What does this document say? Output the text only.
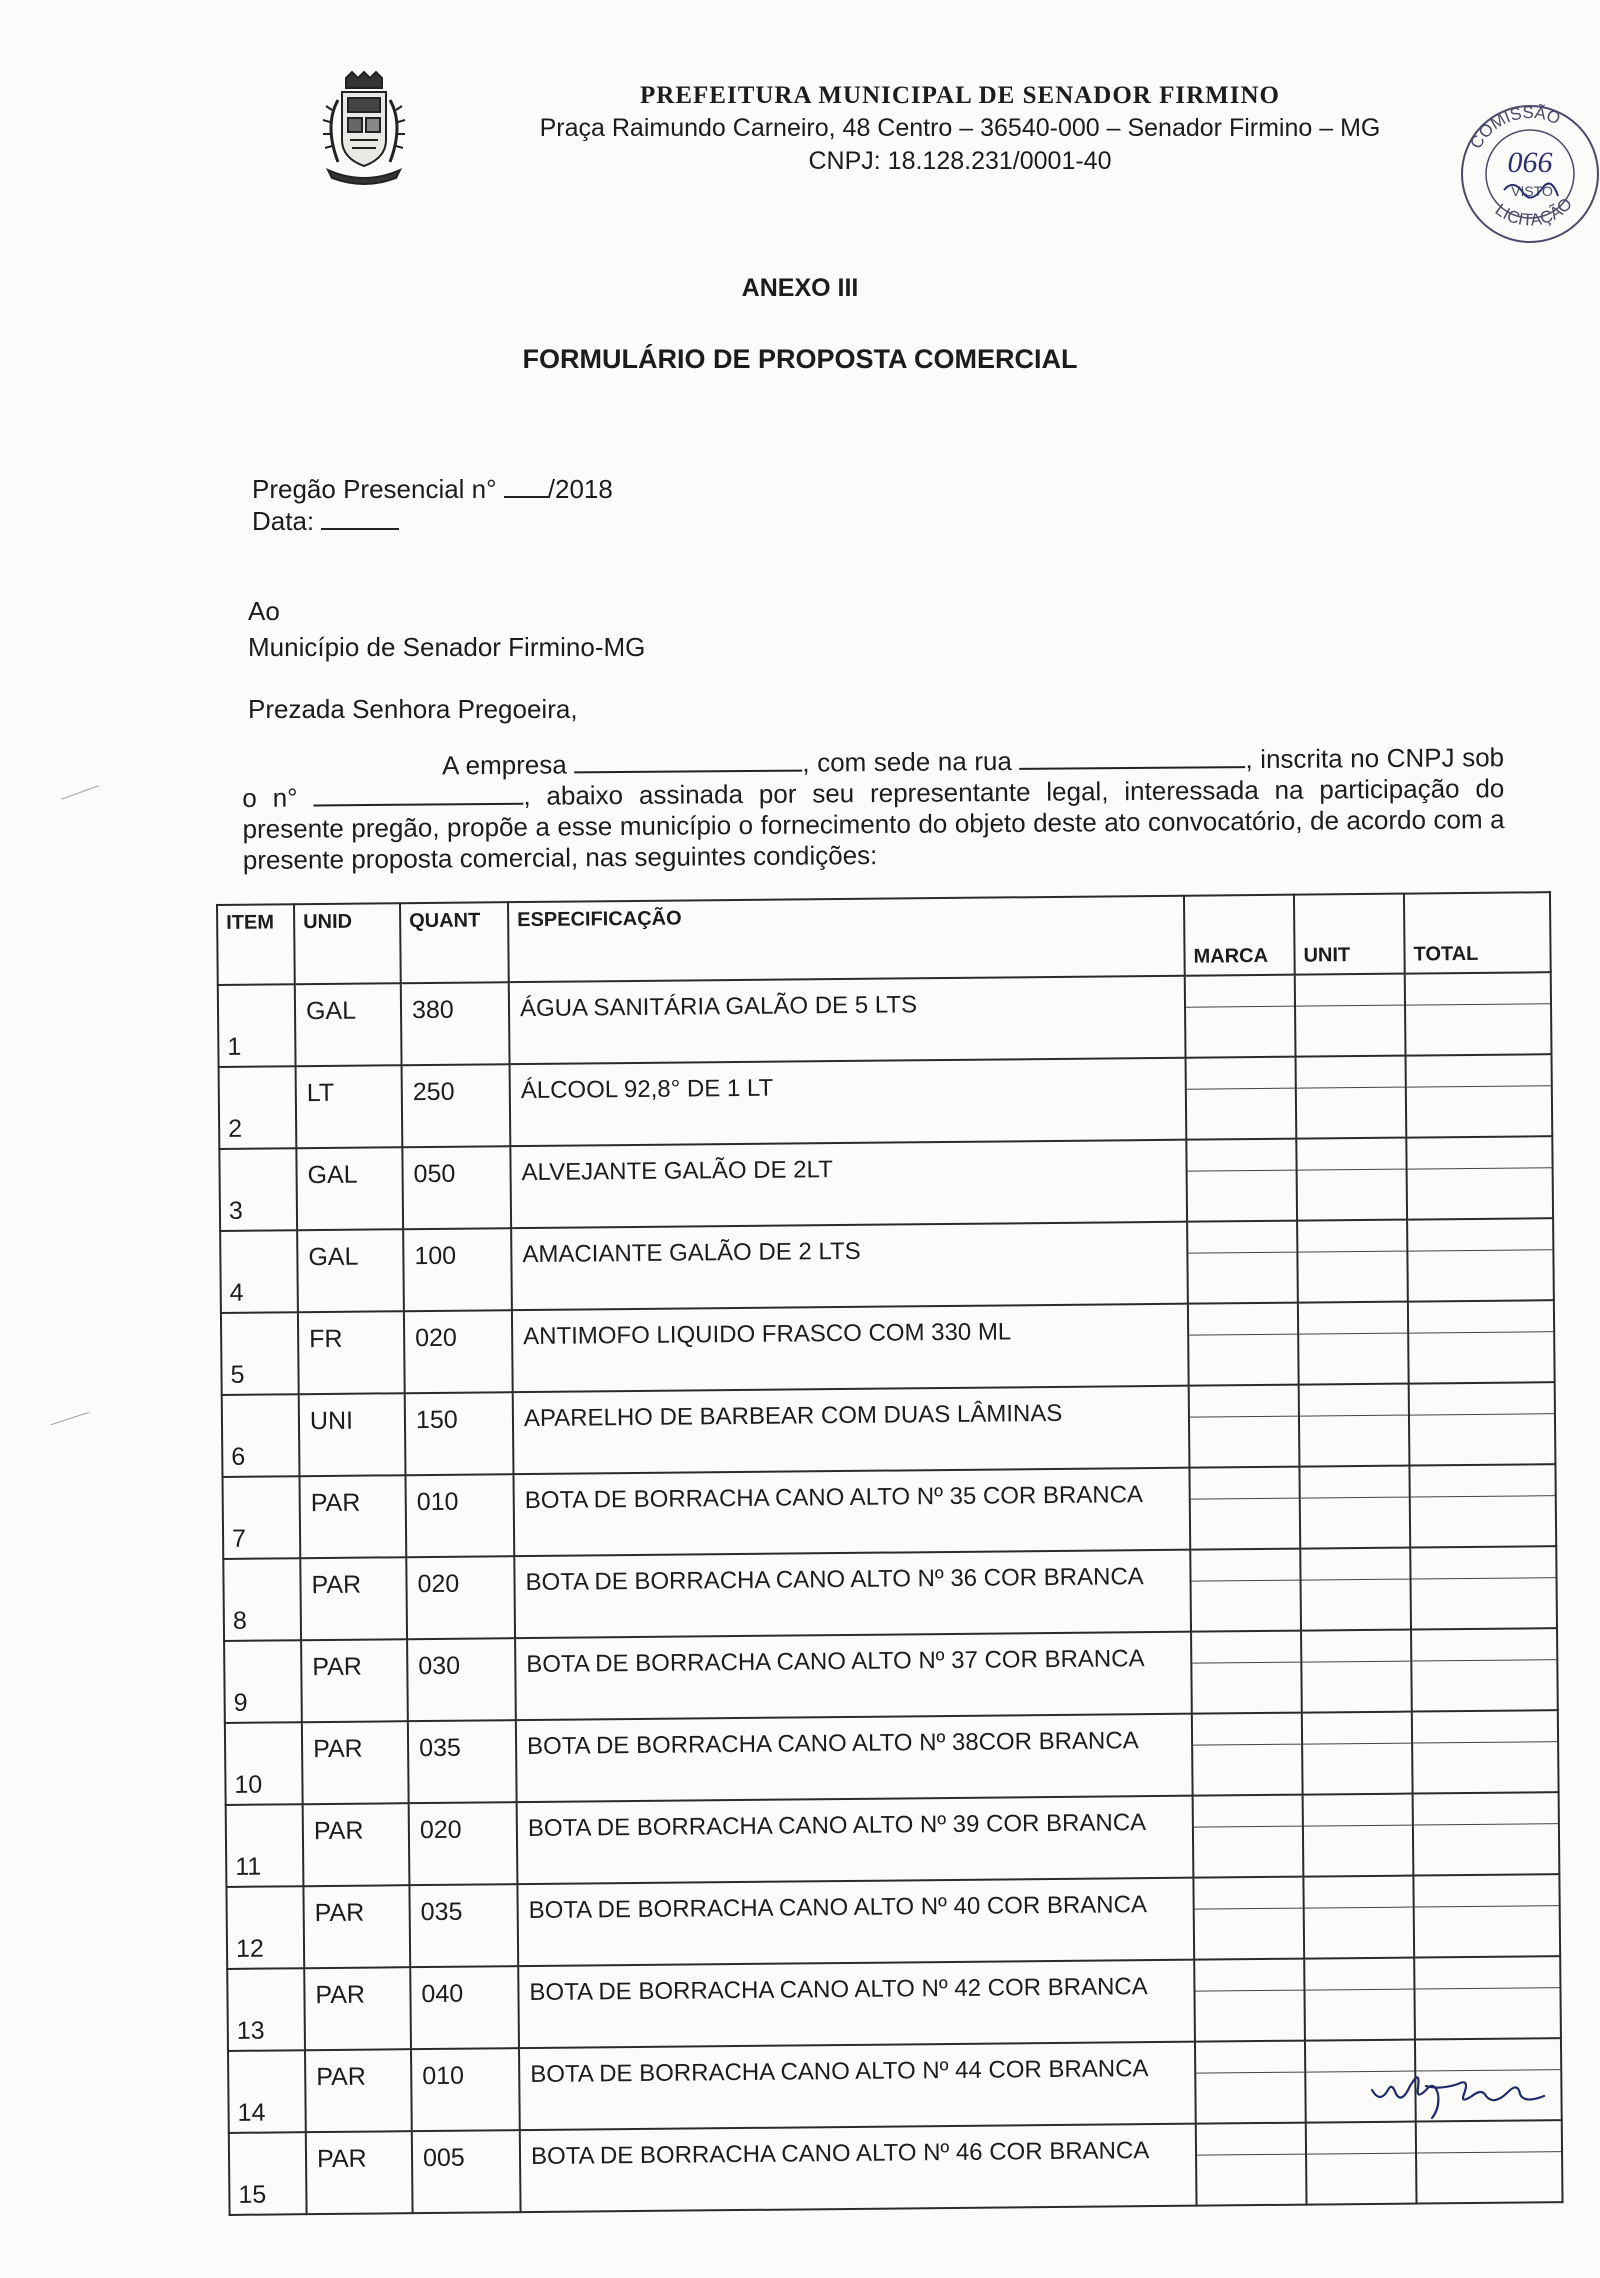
PREFEITURA MUNICIPAL DE SENADOR FIRMINO
Praça Raimundo Carneiro, 48 Centro – 36540-000 – Senador Firmino – MG
CNPJ: 18.128.231/0001-40
COMISSÃO
LICITAÇÃO
066
VISTO
ANEXO III
FORMULÁRIO DE PROPOSTA COMERCIAL
Pregão Presencial n° /2018
Data:
Ao
Município de Senador Firmino-MG
Prezada Senhora Pregoeira,
A empresa	, com sede na rua	, inscrita no CNPJ sob o n°	, abaixo assinada por seu representante legal, interessada na participação do presente pregão, propõe a esse município o fornecimento do objeto deste ato convocatório, de acordo com a presente proposta comercial, nas seguintes condições:
ITEM	UNID	QUANT	ESPECIFICAÇÃO	MARCA	UNIT	TOTAL
1	GAL	380	ÁGUA SANITÁRIA GALÃO DE 5 LTS			
2	LT	250	ÁLCOOL 92,8° DE 1 LT			
3	GAL	050	ALVEJANTE GALÃO DE 2LT			
4	GAL	100	AMACIANTE GALÃO DE 2 LTS			
5	FR	020	ANTIMOFO LIQUIDO FRASCO COM 330 ML			
6	UNI	150	APARELHO DE BARBEAR COM DUAS LÂMINAS			
7	PAR	010	BOTA DE BORRACHA CANO ALTO Nº 35 COR BRANCA			
8	PAR	020	BOTA DE BORRACHA CANO ALTO Nº 36 COR BRANCA			
9	PAR	030	BOTA DE BORRACHA CANO ALTO Nº 37 COR BRANCA			
10	PAR	035	BOTA DE BORRACHA CANO ALTO Nº 38COR BRANCA			
11	PAR	020	BOTA DE BORRACHA CANO ALTO Nº 39 COR BRANCA			
12	PAR	035	BOTA DE BORRACHA CANO ALTO Nº 40 COR BRANCA			
13	PAR	040	BOTA DE BORRACHA CANO ALTO Nº 42 COR BRANCA			
14	PAR	010	BOTA DE BORRACHA CANO ALTO Nº 44 COR BRANCA			
15	PAR	005	BOTA DE BORRACHA CANO ALTO Nº 46 COR BRANCA			
